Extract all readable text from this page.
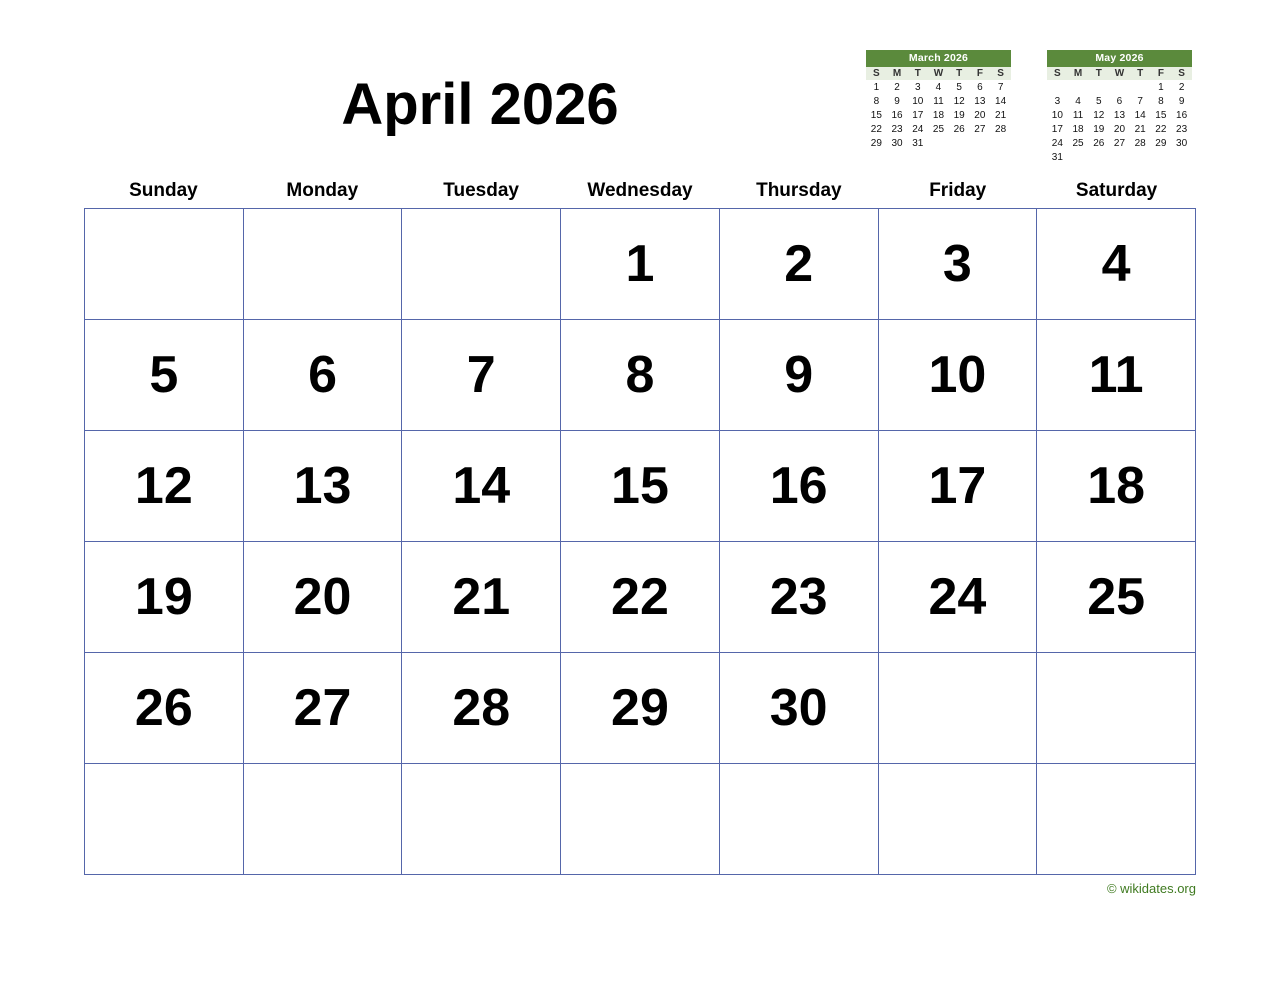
April 2026
March 2026
S	M	T	W	T	F	S
1	2	3	4	5	6	7
8	9	10	11	12	13	14
15	16	17	18	19	20	21
22	23	24	25	26	27	28
29	30	31				
May 2026
S	M	T	W	T	F	S
					1	2
3	4	5	6	7	8	9
10	11	12	13	14	15	16
17	18	19	20	21	22	23
24	25	26	27	28	29	30
31						
Sunday	Monday	Tuesday	Wednesday	Thursday	Friday	Saturday

			1	2	3	4

5	6	7	8	9	10	11

12	13	14	15	16	17	18

19	20	21	22	23	24	25

26	27	28	29	30		

© wikidates.org
